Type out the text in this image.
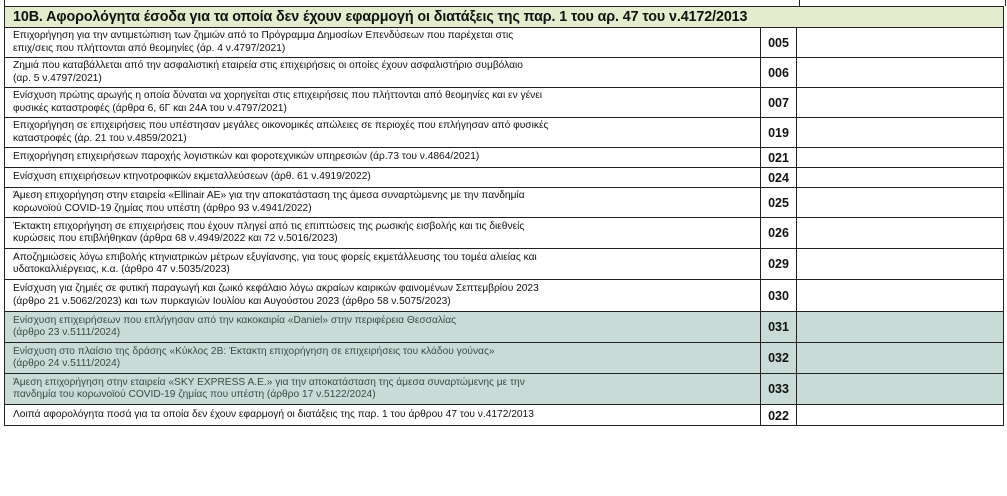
10Β. Αφορολόγητα έσοδα για τα οποία δεν έχουν εφαρμογή οι διατάξεις της παρ. 1 του αρ. 47 του ν.4172/2013
Επιχορήγηση για την αντιμετώπιση των ζημιών από το Πρόγραμμα Δημοσίων Επενδύσεων που παρέχεται στις
επιχ/σεις που πλήττονται από θεομηνίες (άρ. 4 ν.4797/2021)	005
Ζημιά που καταβάλλεται από την ασφαλιστική εταιρεία στις επιχειρήσεις οι οποίες έχουν ασφαλιστήριο συμβόλαιο
(αρ. 5 ν.4797/2021)	006
Ενίσχυση πρώτης αρωγής η οποία δύναται να χορηγείται στις επιχειρήσεις που πλήττονται από θεομηνίες και εν γένει
φυσικές καταστροφές (άρθρα 6, 6Γ και 24Α του ν.4797/2021)	007
Επιχορήγηση σε επιχειρήσεις που υπέστησαν μεγάλες οικονομικές απώλειες σε περιοχές που επλήγησαν από φυσικές
καταστροφές (άρ. 21 του ν.4859/2021)	019
Επιχορήγηση επιχειρήσεων παροχής λογιστικών και φοροτεχνικών υπηρεσιών (άρ.73 του ν.4864/2021)	021
Ενίσχυση επιχειρήσεων κτηνοτροφικών εκμεταλλεύσεων (άρθ. 61 ν.4919/2022)	024
Άμεση επιχορήγηση στην εταιρεία «Ellinair AE» για την αποκατάσταση της άμεσα συναρτώμενης με την πανδημία
κορωνοϊού COVID-19 ζημίας που υπέστη (άρθρο 93 ν.4941/2022)	025
Έκτακτη επιχορήγηση σε επιχειρήσεις που έχουν πληγεί από τις επιπτώσεις της ρωσικής εισβολής και τις διεθνείς
κυρώσεις που επιβλήθηκαν (άρθρα 68 ν.4949/2022 και 72 ν.5016/2023)	026
Αποζημιώσεις λόγω επιβολής κτηνιατρικών μέτρων εξυγίανσης, για τους φορείς εκμετάλλευσης του τομέα αλιείας και
υδατοκαλλιέργειας, κ.α. (άρθρο 47 ν.5035/2023)	029
Ενίσχυση για ζημιές σε φυτική παραγωγή και ζωικό κεφάλαιο λόγω ακραίων καιρικών φαινομένων Σεπτεμβρίου 2023
(άρθρο 21 ν.5062/2023) και των πυρκαγιών Ιουλίου και Αυγούστου 2023 (άρθρο 58 ν.5075/2023)	030
Ενίσχυση επιχειρήσεων που επλήγησαν από την κακοκαιρία «Daniel» στην περιφέρεια Θεσσαλίας
(άρθρο 23 ν.5111/2024)	031
Ενίσχυση στο πλαίσιο της δράσης «Κύκλος 2Β: Έκτακτη επιχορήγηση σε επιχειρήσεις του κλάδου γούνας»
(άρθρο 24 ν.5111/2024)	032
Άμεση επιχορήγηση στην εταιρεία «SKY EXPRESS A.E.» για την αποκατάσταση της άμεσα συναρτώμενης με την
πανδημία του κορωνοϊού COVID-19 ζημίας που υπέστη (άρθρο 17 ν.5122/2024)	033
Λοιπά αφορολόγητα ποσά για τα οποία δεν έχουν εφαρμογή οι διατάξεις της παρ. 1 του άρθρου 47 του ν.4172/2013	022
